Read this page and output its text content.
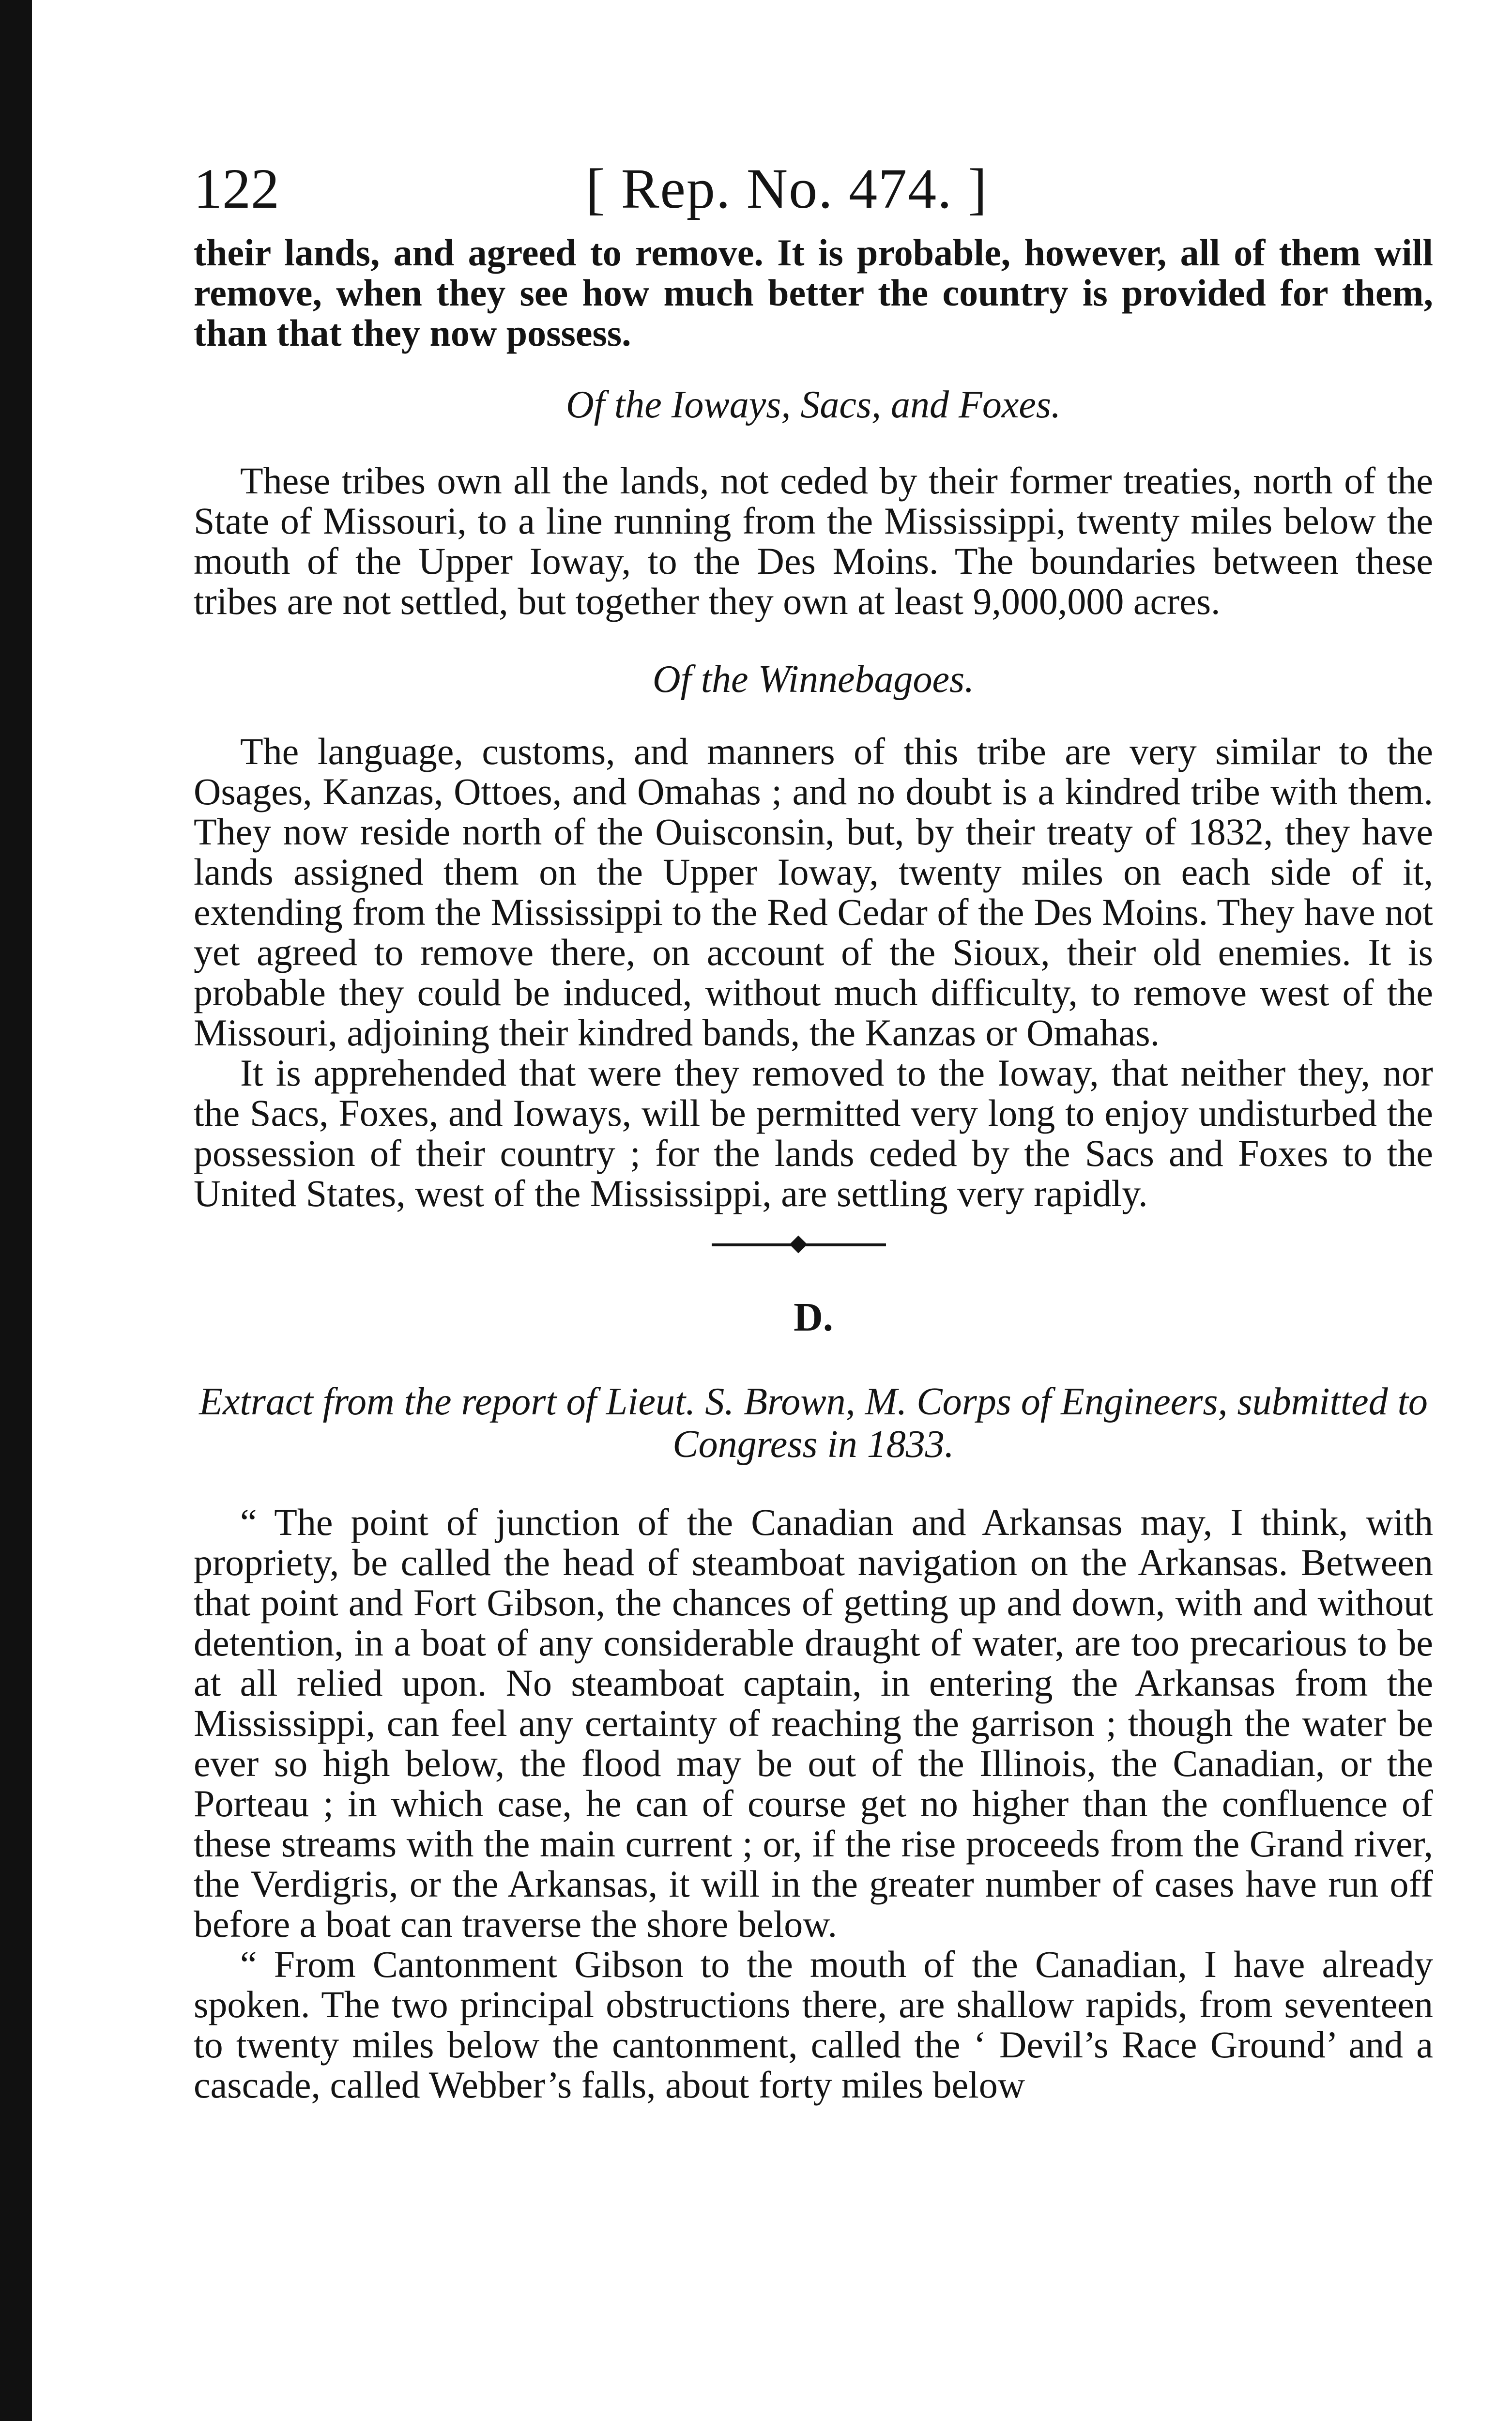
122	[ Rep. No. 474. ]

their lands, and agreed to remove. It is probable, however, all of them will remove, when they see how much better the country is provided for them, than that they now possess.

Of the Ioways, Sacs, and Foxes.

These tribes own all the lands, not ceded by their former treaties, north of the State of Missouri, to a line running from the Mississippi, twenty miles below the mouth of the Upper Ioway, to the Des Moins. The boundaries between these tribes are not settled, but together they own at least 9,000,000 acres.

Of the Winnebagoes.

The language, customs, and manners of this tribe are very similar to the Osages, Kanzas, Ottoes, and Omahas ; and no doubt is a kindred tribe with them. They now reside north of the Ouisconsin, but, by their treaty of 1832, they have lands assigned them on the Upper Ioway, twenty miles on each side of it, extending from the Mississippi to the Red Cedar of the Des Moins. They have not yet agreed to remove there, on account of the Sioux, their old enemies. It is probable they could be induced, without much difficulty, to remove west of the Missouri, adjoining their kindred bands, the Kanzas or Omahas.

It is apprehended that were they removed to the Ioway, that neither they, nor the Sacs, Foxes, and Ioways, will be permitted very long to enjoy undisturbed the possession of their country ; for the lands ceded by the Sacs and Foxes to the United States, west of the Mississippi, are settling very rapidly.

D.

Extract from the report of Lieut. S. Brown, M. Corps of Engineers, submitted to Congress in 1833.

“ The point of junction of the Canadian and Arkansas may, I think, with propriety, be called the head of steamboat navigation on the Arkansas. Between that point and Fort Gibson, the chances of getting up and down, with and without detention, in a boat of any considerable draught of water, are too precarious to be at all relied upon. No steamboat captain, in entering the Arkansas from the Mississippi, can feel any certainty of reaching the garrison ; though the water be ever so high below, the flood may be out of the Illinois, the Canadian, or the Porteau ; in which case, he can of course get no higher than the confluence of these streams with the main current ; or, if the rise proceeds from the Grand river, the Verdigris, or the Arkansas, it will in the greater number of cases have run off before a boat can traverse the shore below.

“ From Cantonment Gibson to the mouth of the Canadian, I have already spoken. The two principal obstructions there, are shallow rapids, from seventeen to twenty miles below the cantonment, called the ‘ Devil’s Race Ground’ and a cascade, called Webber’s falls, about forty miles below
